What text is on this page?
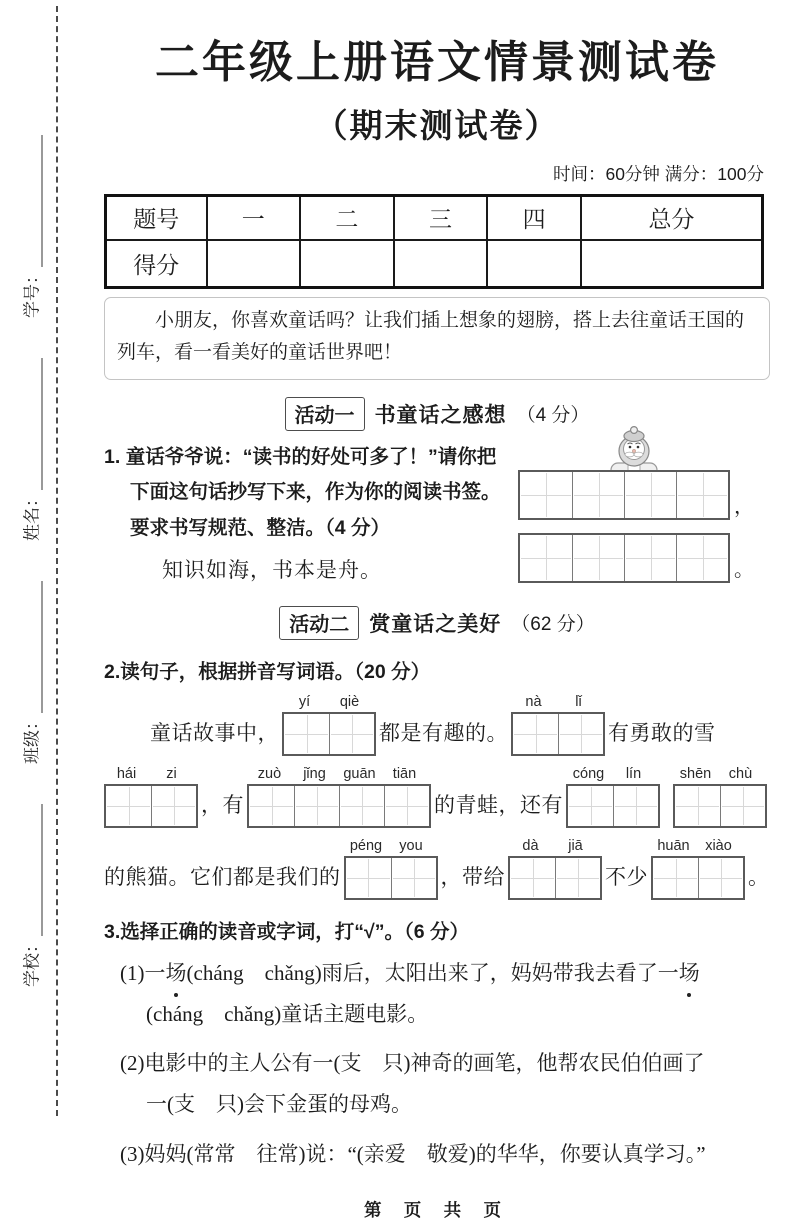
学校：
班级：
姓名：
学号：
二年级上册语文情景测试卷
（期末测试卷）
时间：60分钟 满分：100分
题号	一	二	三	四	总分
得分					

小朋友，你喜欢童话吗？让我们插上想象的翅膀，搭上去往童话王国的列车，看一看美好的童话世界吧！

活动一 书童话之感想 （4 分）

1. 童话爷爷说：“读书的好处可多了！”请你把下面这句话抄写下来，作为你的阅读书签。要求书写规范、整洁。（4 分）

知识如海，书本是舟。

，
。
活动二 赏童话之美好 （62 分）

2.读句子，根据拼音写词语。（20 分）

童话故事中，
yí	qiè
都是有趣的。
nà	lǐ
有勇敢的雪
hái	zi
，有
zuò	jǐng	guān	tiān
的青蛙，还有
cóng	lín	shēn	chù
的熊猫。它们都是我们的
péng	you
，带给
dà	jiā
不少
huān	xiào
。

3.选择正确的读音或字词，打“√”。（6 分）

(1)一场(cháng　chǎng)雨后，太阳出来了，妈妈带我去看了一场
(cháng　chǎng)童话主题电影。
(2)电影中的主人公有一(支　只)神奇的画笔，他帮农民伯伯画了
一(支　只)会下金蛋的母鸡。
(3)妈妈(常常　往常)说：“(亲爱　敬爱)的华华，你要认真学习。”
第 页 共 页
